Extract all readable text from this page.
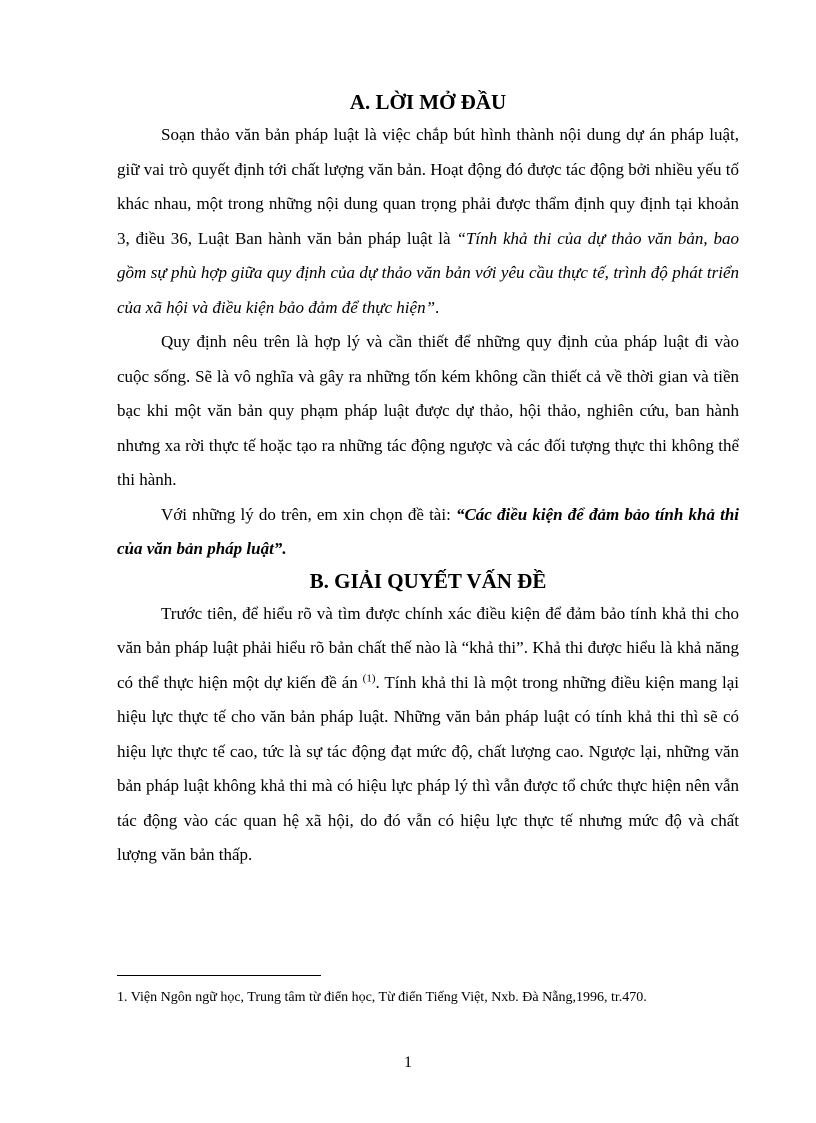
A. LỜI MỞ ĐẦU

Soạn thảo văn bản pháp luật là việc chắp bút hình thành nội dung dự án pháp luật, giữ vai trò quyết định tới chất lượng văn bản. Hoạt động đó được tác động bởi nhiều yếu tố khác nhau, một trong những nội dung quan trọng phải được thẩm định quy định tại khoản 3, điều 36, Luật Ban hành văn bản pháp luật là “Tính khả thi của dự thảo văn bản, bao gồm sự phù hợp giữa quy định của dự thảo văn bản với yêu cầu thực tế, trình độ phát triển của xã hội và điều kiện bảo đảm để thực hiện”.

Quy định nêu trên là hợp lý và cần thiết để những quy định của pháp luật đi vào cuộc sống. Sẽ là vô nghĩa và gây ra những tốn kém không cần thiết cả về thời gian và tiền bạc khi một văn bản quy phạm pháp luật được dự thảo, hội thảo, nghiên cứu, ban hành nhưng xa rời thực tế hoặc tạo ra những tác động ngược và các đối tượng thực thi không thể thi hành.

Với những lý do trên, em xin chọn đề tài: “Các điều kiện để đảm bảo tính khả thi của văn bản pháp luật”.

B. GIẢI QUYẾT VẤN ĐỀ

Trước tiên, để hiểu rõ và tìm được chính xác điều kiện để đảm bảo tính khả thi cho văn bản pháp luật phải hiểu rõ bản chất thế nào là “khả thi”. Khả thi được hiểu là khả năng có thể thực hiện một dự kiến đề án $^{(1)}$. Tính khả thi là một trong những điều kiện mang lại hiệu lực thực tế cho văn bản pháp luật. Những văn bản pháp luật có tính khả thi thì sẽ có hiệu lực thực tế cao, tức là sự tác động đạt mức độ, chất lượng cao. Ngược lại, những văn bản pháp luật không khả thi mà có hiệu lực pháp lý thì vẫn được tổ chức thực hiện nên vẫn tác động vào các quan hệ xã hội, do đó vẫn có hiệu lực thực tế nhưng mức độ và chất lượng văn bản thấp.

1. Viện Ngôn ngữ học, Trung tâm từ điển học, Từ điển Tiếng Việt, Nxb. Đà Nẵng,1996, tr.470.

1
